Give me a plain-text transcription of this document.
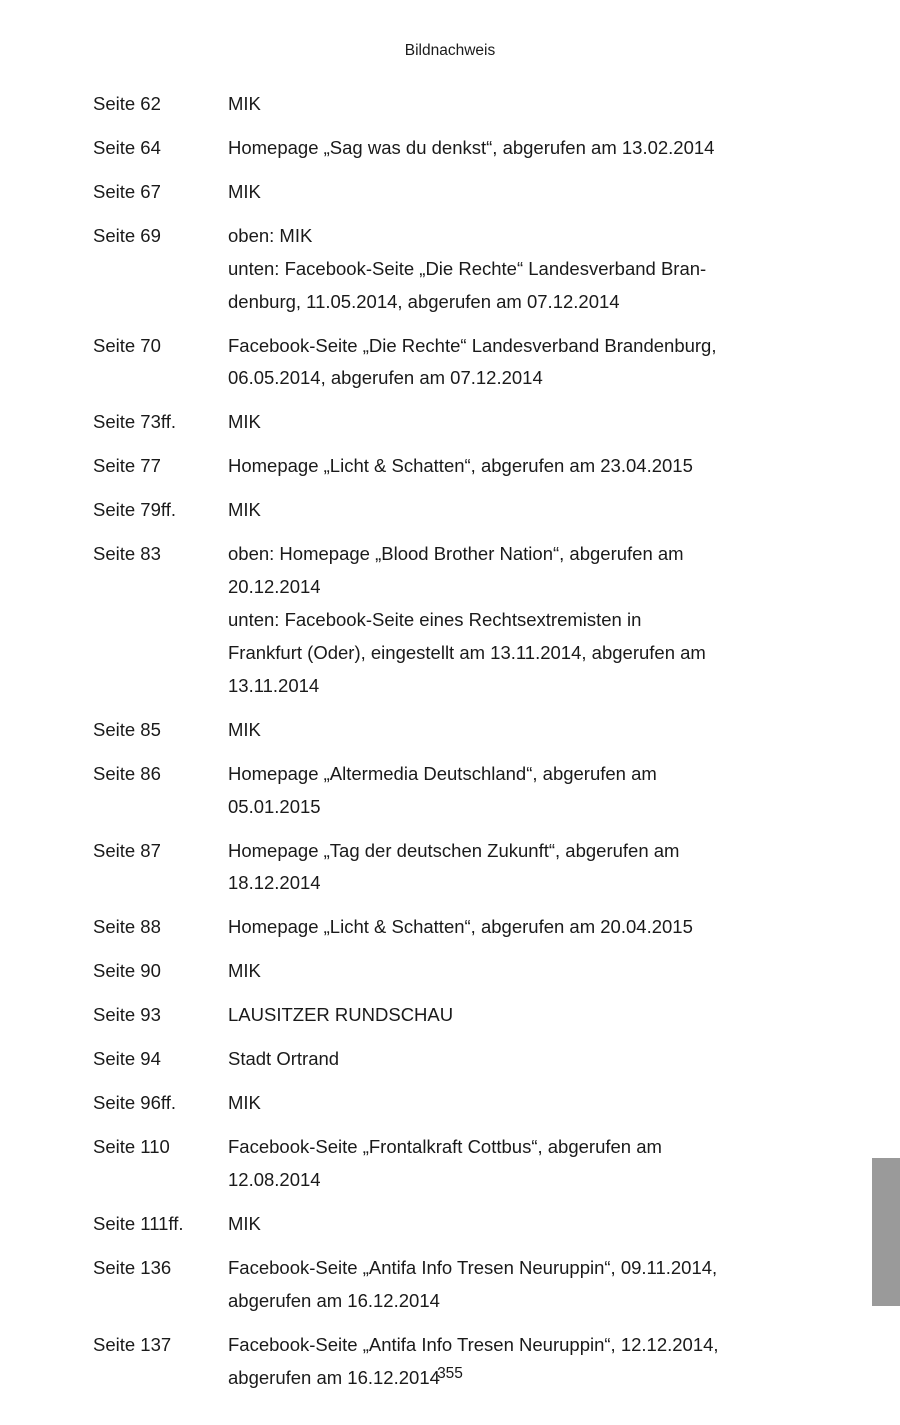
Bildnachweis
Seite 62	MIK
Seite 64	Homepage „Sag was du denkst“, abgerufen am 13.02.2014
Seite 67	MIK
Seite 69	oben: MIK
unten: Facebook-Seite „Die Rechte“ Landesverband Bran-
denburg, 11.05.2014, abgerufen am 07.12.2014
Seite 70	Facebook-Seite „Die Rechte“ Landesverband Brandenburg,
06.05.2014, abgerufen am 07.12.2014
Seite 73ff.	MIK
Seite 77	Homepage „Licht & Schatten“, abgerufen am 23.04.2015
Seite 79ff.	MIK
Seite 83	oben: Homepage „Blood Brother Nation“, abgerufen am
20.12.2014
unten: Facebook-Seite eines Rechtsextremisten in
Frankfurt (Oder), eingestellt am 13.11.2014, abgerufen am
13.11.2014
Seite 85	MIK
Seite 86	Homepage „Altermedia Deutschland“, abgerufen am
05.01.2015
Seite 87	Homepage „Tag der deutschen Zukunft“, abgerufen am
18.12.2014
Seite 88	Homepage „Licht & Schatten“, abgerufen am 20.04.2015
Seite 90	MIK
Seite 93	LAUSITZER RUNDSCHAU
Seite 94	Stadt Ortrand
Seite 96ff.	MIK
Seite 110	Facebook-Seite „Frontalkraft Cottbus“, abgerufen am
12.08.2014
Seite 111ff.	MIK
Seite 136	Facebook-Seite „Antifa Info Tresen Neuruppin“, 09.11.2014,
abgerufen am 16.12.2014
Seite 137	Facebook-Seite „Antifa Info Tresen Neuruppin“, 12.12.2014,
abgerufen am 16.12.2014
355
